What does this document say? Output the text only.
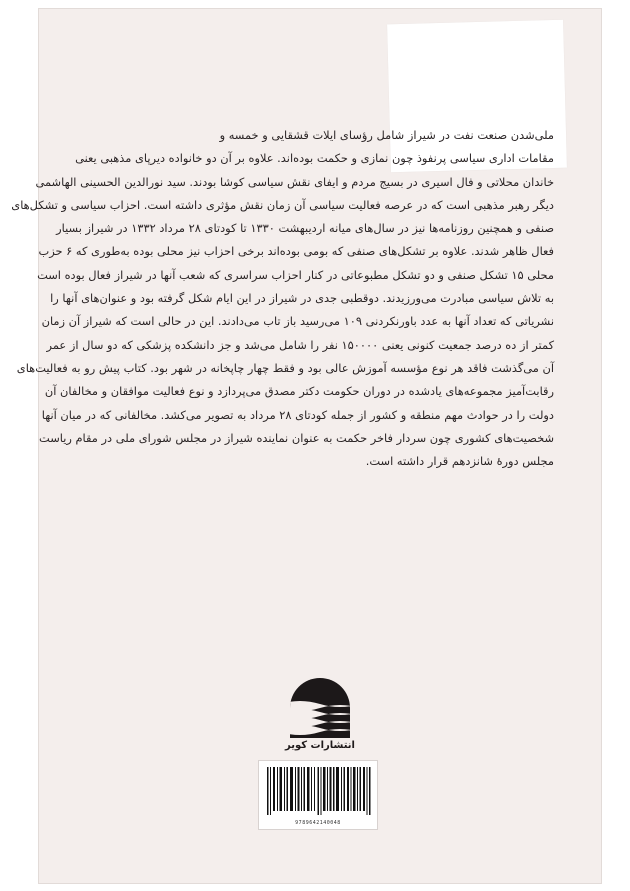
ملی‌شدن صنعت نفت در شیراز شامل رؤسای ایلات قشقایی و خمسه و
مقامات اداری سیاسی پرنفوذ چون نمازی و حکمت بوده‌اند. علاوه بر آن دو خانواده دیرپای مذهبی یعنی
خاندان محلاتی و فال اسیری در بسیج مردم و ایفای نقش سیاسی کوشا بودند. سید نورالدین الحسینی الهاشمی
دیگر رهبر مذهبی است که در عرصه فعالیت سیاسی آن زمان نقش مؤثری داشته است. احزاب سیاسی و تشکل‌های
صنفی و همچنین روزنامه‌ها نیز در سال‌های میانه اردیبهشت ۱۳۳۰ تا کودتای ۲۸ مرداد ۱۳۳۲ در شیراز بسیار
فعال ظاهر شدند. علاوه بر تشکل‌های صنفی که بومی بوده‌اند برخی احزاب نیز محلی بوده به‌طوری که ۶ حزب
محلی ۱۵ تشکل صنفی و دو تشکل مطبوعاتی در کنار احزاب سراسری که شعب آنها در شیراز فعال بوده است
به تلاش سیاسی مبادرت می‌ورزیدند. دوقطبی جدی در شیراز در این ایام شکل گرفته بود و عنوان‌های آنها را
نشریاتی که تعداد آنها به عدد باورنکردنی ۱۰۹ می‌رسید باز تاب می‌دادند. این در حالی است که شیراز آن زمان
کمتر از ده درصد جمعیت کنونی یعنی ۱۵۰۰۰۰ نفر را شامل می‌شد و جز دانشکده پزشکی که دو سال از عمر
آن می‌گذشت فاقد هر نوع مؤسسه آموزش عالی بود و فقط چهار چاپخانه در شهر بود. کتاب پیش رو به فعالیت‌های
رقابت‌آمیز مجموعه‌های یادشده در دوران حکومت دکتر مصدق می‌پردازد و نوع فعالیت موافقان و مخالفان آن
دولت را در حوادث مهم منطقه و کشور از جمله کودتای ۲۸ مرداد به تصویر می‌کشد. مخالفانی که در میان آنها
شخصیت‌های کشوری چون سردار فاخر حکمت به عنوان نماینده شیراز در مجلس شورای ملی در مقام ریاست
مجلس دورهٔ شانزدهم قرار داشته است.
انتشارات کویر
9789642140048
